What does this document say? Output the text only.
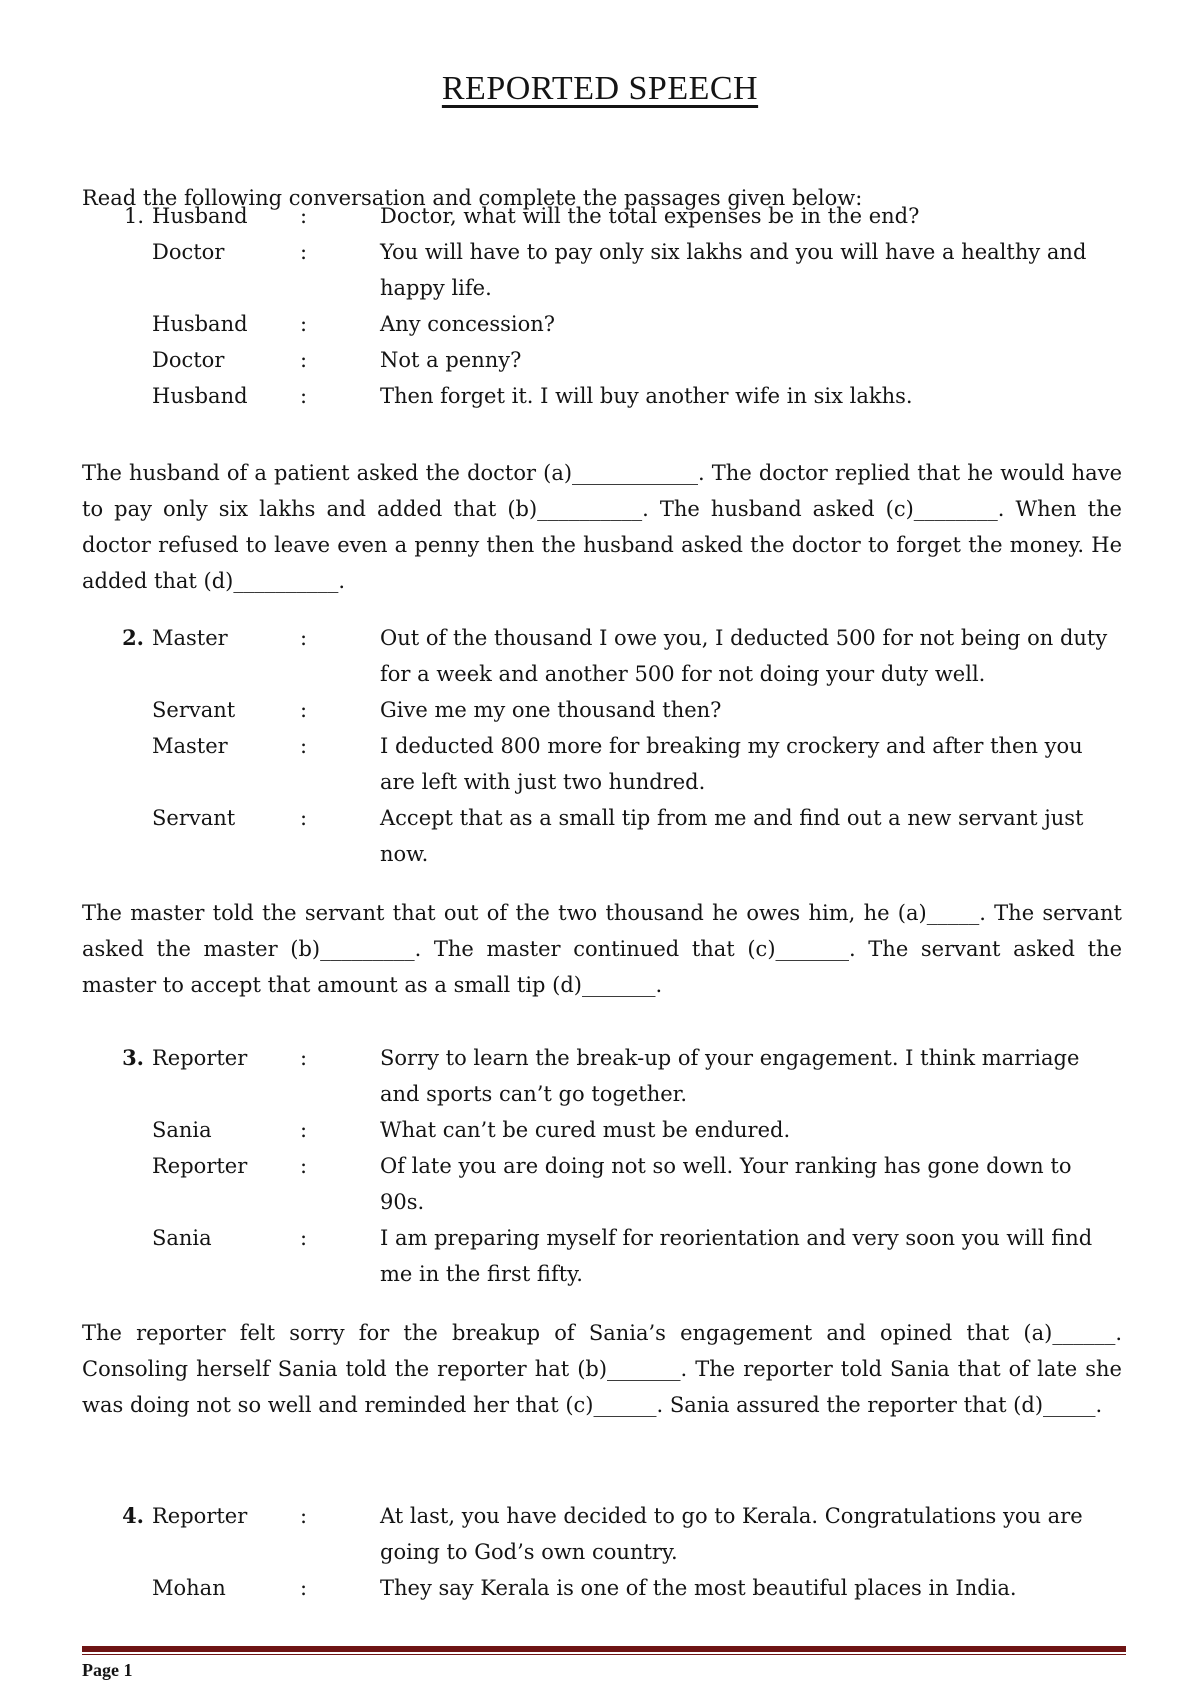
REPORTED SPEECH
Read the following conversation and complete the passages given below:
1. Husband	:	Doctor, what will the total expenses be in the end?
Doctor	:	You will have to pay only six lakhs and you will have a healthy and happy life.
Husband	:	Any concession?
Doctor	:	Not a penny?
Husband	:	Then forget it. I will buy another wife in six lakhs.
The husband of a patient asked the doctor (a)____________. The doctor replied that he would have to pay only six lakhs and added that (b)__________. The husband asked (c)________. When the doctor refused to leave even a penny then the husband asked the doctor to forget the money. He added that (d)__________.
2. Master	:	Out of the thousand I owe you, I deducted 500 for not being on duty for a week and another 500 for not doing your duty well.
Servant	:	Give me my one thousand then?
Master	:	I deducted 800 more for breaking my crockery and after then you are left with just two hundred.
Servant	:	Accept that as a small tip from me and find out a new servant just now.
The master told the servant that out of the two thousand he owes him, he (a)_____. The servant asked the master (b)_________. The master continued that (c)_______. The servant asked the master to accept that amount as a small tip (d)_______.
3. Reporter	:	Sorry to learn the break-up of your engagement. I think marriage and sports can’t go together.
Sania	:	What can’t be cured must be endured.
Reporter	:	Of late you are doing not so well. Your ranking has gone down to 90s.
Sania	:	I am preparing myself for reorientation and very soon you will find me in the first fifty.
The reporter felt sorry for the breakup of Sania’s engagement and opined that (a)______. Consoling herself Sania told the reporter hat (b)_______. The reporter told Sania that of late she was doing not so well and reminded her that (c)______. Sania assured the reporter that (d)_____.
4. Reporter	:	At last, you have decided to go to Kerala. Congratulations you are going to God’s own country.
Mohan	:	They say Kerala is one of the most beautiful places in India.
Page 1
